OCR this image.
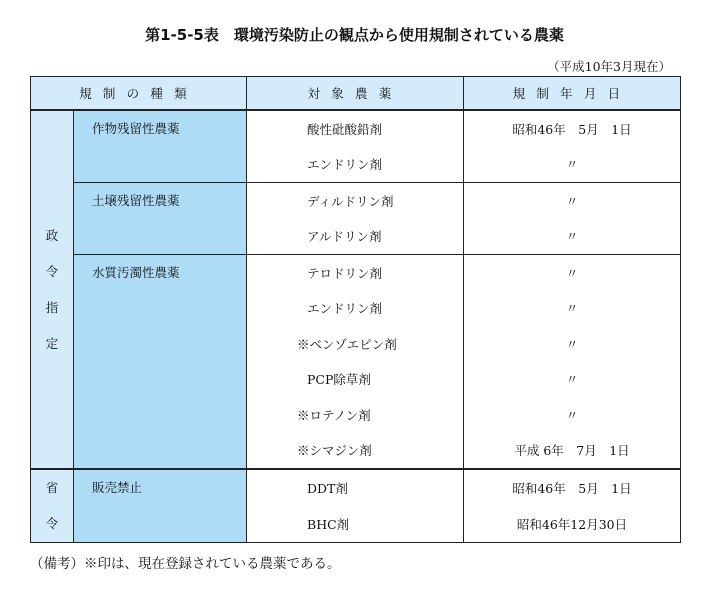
第1-5-5表　環境汚染防止の観点から使用規制されている農薬
（平成10年3月現在）
規制の種類		対象農薬	規制年月日

政
令
指
定	作物残留性農薬	酸性砒酸鉛剤	昭和46年　5月　1日
		エンドリン剤	〃
	土壌残留性農薬	ディルドリン剤	〃
		アルドリン剤	〃
	水質汚濁性農薬	テロドリン剤	〃
		エンドリン剤	〃
		※ベンゾエピン剤	〃
		PCP除草剤	〃
		※ロテノン剤	〃
		※シマジン剤	平成 6年　7月　1日

省
令	販売禁止	DDT剤	昭和46年　5月　1日
		BHC剤	昭和46年12月30日
（備考）※印は、現在登録されている農薬である。
